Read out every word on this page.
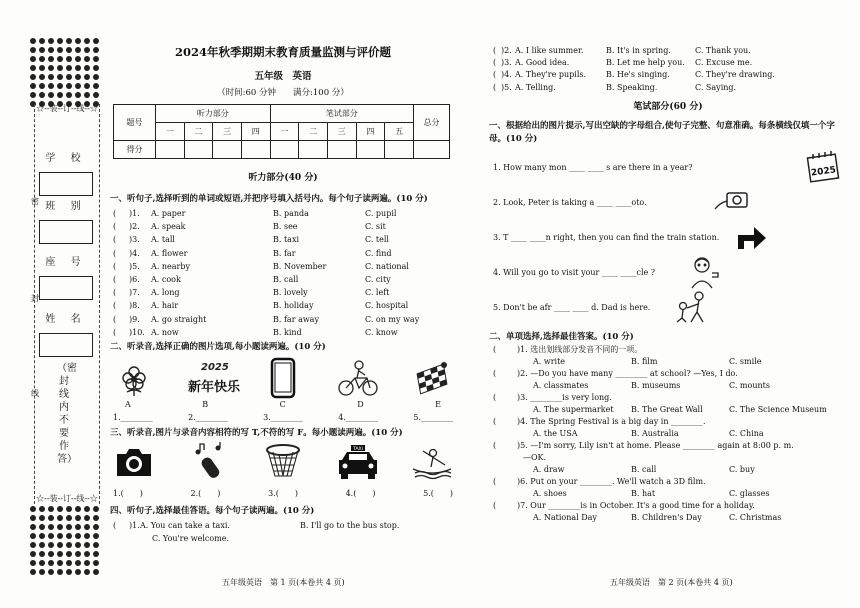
☆--装--订--线--☆
密
封
线
学 校
班 别
座 号
姓 名
（密封线内不要作答）
☆--装--订--线--☆
2024年秋季期期末教育质量监测与评价题
五年级　英语
（时间:60 分钟　　满分:100 分）
题号	听力部分				笔试部分					总分
	一	二	三	四	一	二	三	四	五	
得分										
听力部分(40 分)
一、听句子,选择听到的单词或短语,并把序号填入括号内。每个句子读两遍。(10 分)
(	)1. A. paper	B. panda	C. pupil
(	)2. A. speak	B. see	C. sit
(	)3. A. tall	B. taxi	C. tell
(	)4. A. flower	B. far	C. find
(	)5. A. nearby	B. November	C. national
(	)6. A. cook	B. call	C. city
(	)7. A. long	B. lovely	C. left
(	)8. A. hair	B. holiday	C. hospital
(	)9. A. go straight	B. far away	C. on my way
(	)10. A. now	B. kind	C. know
二、听录音,选择正确的图片选项,每小题读两遍。(10 分)
2025
新年快乐
A	B	C	D	E
1.________	2.________	3.________	4.________	5.________
三、听录音,图片与录音内容相符的写 T,不符的写 F。每小题读两遍。(10 分)
TAXI
1.(　　)	2.(　　)	3.(　　)	4.(　　)	5.(　　)
四、听句子,选择最佳答语。每个句子读两遍。(10 分)
(	)1. A. You can take a taxi.	B. I'll go to the bus stop.
C. You're welcome.
五年级英语　第 1 页(本卷共 4 页)
( )2. A. I like summer.	B. It's in spring.	C. Thank you.
( )3. A. Good idea.	B. Let me help you.	C. Excuse me.
( )4. A. They're pupils.	B. He's singing.	C. They're drawing.
( )5. A. Telling.	B. Speaking.	C. Saying.
笔试部分(60 分)
一、根据给出的图片提示,写出空缺的字母组合,使句子完整、句意准确。每条横线仅填一个字母。(10 分)
1. How many mon ____ ____ s are there in a year?	2025
2. Look, Peter is taking a ____ ____oto.
3. T ____ ____n right, then you can find the train station.
4. Will you go to visit your ____ ____cle ?
5. Don't be afr ____ ____ d. Dad is here.
二、单项选择,选择最佳答案。(10 分)
(	)1. 选出划线部分发音不同的一项。
A. write	B. film	C. smile
(	)2. —Do you have many ________ at school? —Yes, I do.
A. classmates	B. museums	C. mounts
(	)3. ________is very long.
A. The supermarket	B. The Great Wall	C. The Science Museum
(	)4. The Spring Festival is a big day in ________.
A. the USA	B. Australia	C. China
(	)5. —I'm sorry, Lily isn't at home. Please ________ again at 8:00 p. m.
—OK.
A. draw	B. call	C. buy
(	)6. Put on your ________. We'll watch a 3D film.
A. shoes	B. hat	C. glasses
(	)7. Our ________is in October. It's a good time for a holiday.
A. National Day	B. Children's Day	C. Christmas
五年级英语　第 2 页(本卷共 4 页)
